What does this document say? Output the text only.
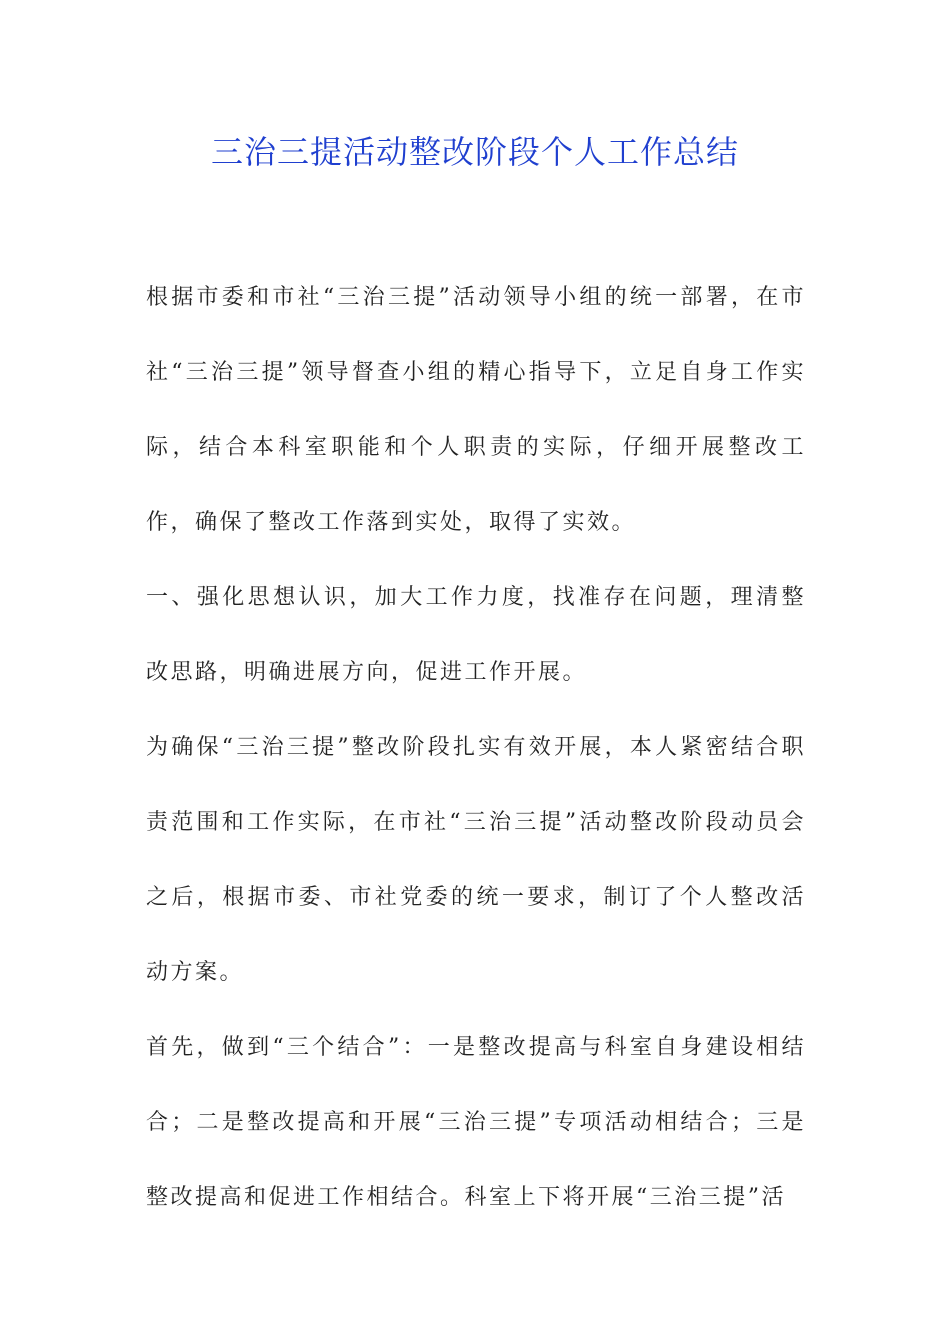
三治三提活动整改阶段个人工作总结

根据市委和市社“三治三提”活动领导小组的统一部署，在市社“三治三提”领导督查小组的精心指导下，立足自身工作实际，结合本科室职能和个人职责的实际，仔细开展整改工作，确保了整改工作落到实处，取得了实效。

一、强化思想认识，加大工作力度，找准存在问题，理清整改思路，明确进展方向，促进工作开展。

为确保“三治三提”整改阶段扎实有效开展，本人紧密结合职责范围和工作实际，在市社“三治三提”活动整改阶段动员会之后，根据市委、市社党委的统一要求，制订了个人整改活动方案。

首先，做到“三个结合”：一是整改提高与科室自身建设相结合；二是整改提高和开展“三治三提”专项活动相结合；三是整改提高和促进工作相结合。科室上下将开展“三治三提”活
